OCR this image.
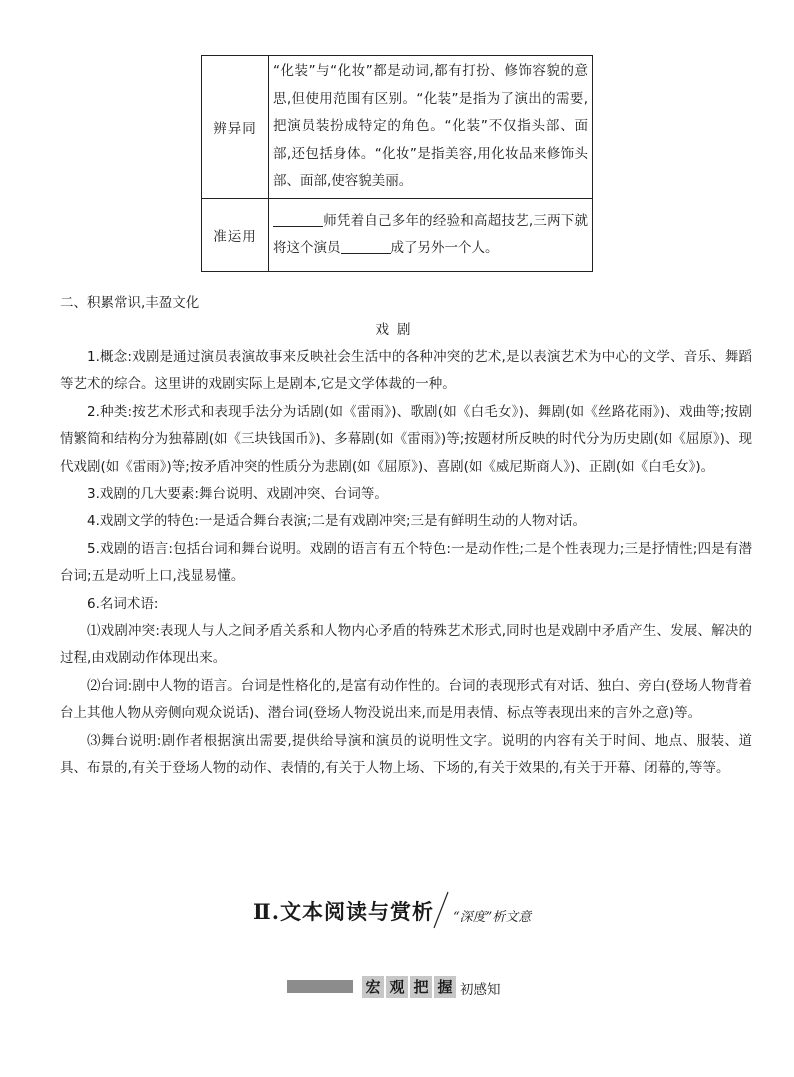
辨异同	“化装”与“化妆”都是动词,都有打扮、修饰容貌的意思,但使用范围有区别。“化装”是指为了演出的需要,把演员装扮成特定的角色。“化装”不仅指头部、面部,还包括身体。“化妆”是指美容,用化妆品来修饰头部、面部,使容貌美丽。
准运用	师凭着自己多年的经验和高超技艺,三两下就将这个演员 成了另外一个人。
二、积累常识,丰盈文化
戏剧

1.概念:戏剧是通过演员表演故事来反映社会生活中的各种冲突的艺术,是以表演艺术为中心的文学、音乐、舞蹈等艺术的综合。这里讲的戏剧实际上是剧本,它是文学体裁的一种。

2.种类:按艺术形式和表现手法分为话剧(如《雷雨》)、歌剧(如《白毛女》)、舞剧(如《丝路花雨》)、戏曲等;按剧情繁简和结构分为独幕剧(如《三块钱国币》)、多幕剧(如《雷雨》)等;按题材所反映的时代分为历史剧(如《屈原》)、现代戏剧(如《雷雨》)等;按矛盾冲突的性质分为悲剧(如《屈原》)、喜剧(如《威尼斯商人》)、正剧(如《白毛女》)。

3.戏剧的几大要素:舞台说明、戏剧冲突、台词等。

4.戏剧文学的特色:一是适合舞台表演;二是有戏剧冲突;三是有鲜明生动的人物对话。

5.戏剧的语言:包括台词和舞台说明。戏剧的语言有五个特色:一是动作性;二是个性表现力;三是抒情性;四是有潜台词;五是动听上口,浅显易懂。

6.名词术语:

⑴戏剧冲突:表现人与人之间矛盾关系和人物内心矛盾的特殊艺术形式,同时也是戏剧中矛盾产生、发展、解决的过程,由戏剧动作体现出来。

⑵台词:剧中人物的语言。台词是性格化的,是富有动作性的。台词的表现形式有对话、独白、旁白(登场人物背着台上其他人物从旁侧向观众说话)、潜台词(登场人物没说出来,而是用表情、标点等表现出来的言外之意)等。

⑶舞台说明:剧作者根据演出需要,提供给导演和演员的说明性文字。说明的内容有关于时间、地点、服装、道具、布景的,有关于登场人物的动作、表情的,有关于人物上场、下场的,有关于效果的,有关于开幕、闭幕的,等等。

Ⅱ.文本阅读与赏析 “深度”析文意
宏 观 把 握 初感知
